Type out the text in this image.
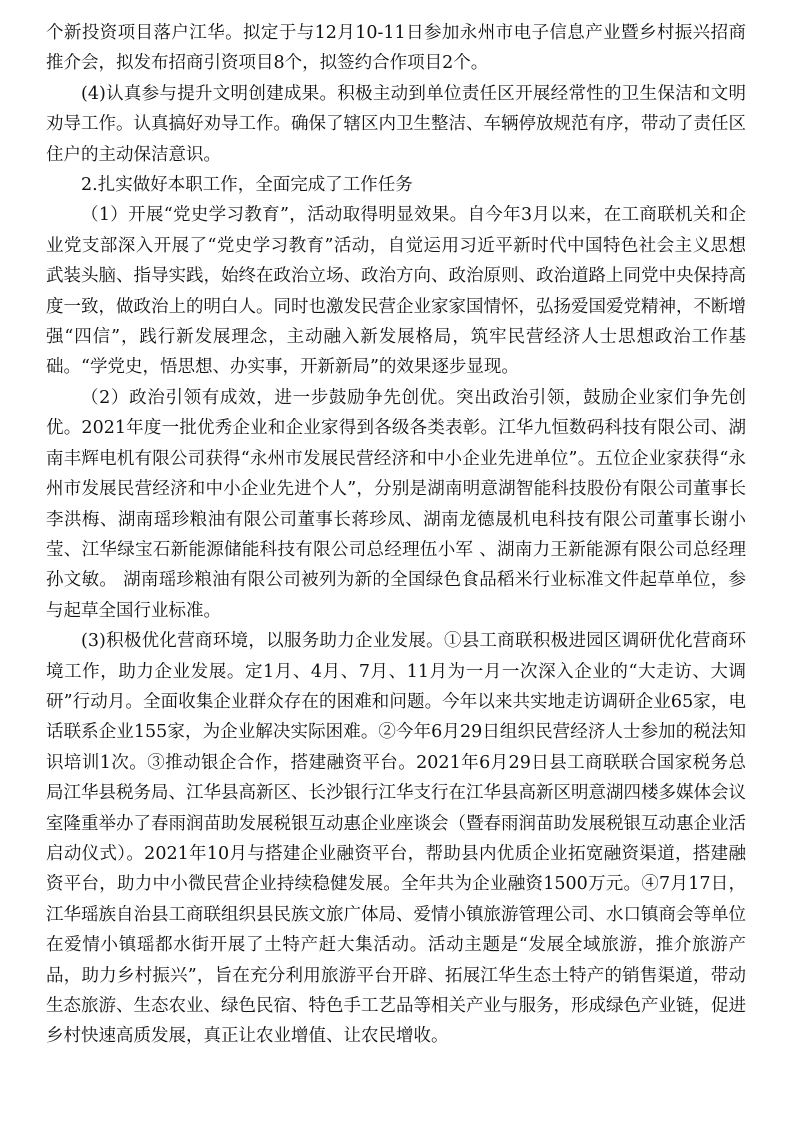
个新投资项目落户江华。拟定于与12月10-11日参加永州市电子信息产业暨乡村振兴招商推介会，拟发布招商引资项目8个，拟签约合作项目2个。

(4)认真参与提升文明创建成果。积极主动到单位责任区开展经常性的卫生保洁和文明劝导工作。认真搞好劝导工作。确保了辖区内卫生整洁、车辆停放规范有序，带动了责任区住户的主动保洁意识。

2.扎实做好本职工作，全面完成了工作任务

（1）开展“党史学习教育”，活动取得明显效果。自今年3月以来，在工商联机关和企业党支部深入开展了“党史学习教育”活动，自觉运用习近平新时代中国特色社会主义思想武装头脑、指导实践，始终在政治立场、政治方向、政治原则、政治道路上同党中央保持高度一致，做政治上的明白人。同时也激发民营企业家家国情怀，弘扬爱国爱党精神，不断增强“四信”，践行新发展理念，主动融入新发展格局，筑牢民营经济人士思想政治工作基础。“学党史，悟思想、办实事，开新新局”的效果逐步显现。

（2）政治引领有成效，进一步鼓励争先创优。突出政治引领，鼓励企业家们争先创优。2021年度一批优秀企业和企业家得到各级各类表彰。江华九恒数码科技有限公司、湖南丰辉电机有限公司获得“永州市发展民营经济和中小企业先进单位”。五位企业家获得“永州市发展民营经济和中小企业先进个人”，分别是湖南明意湖智能科技股份有限公司董事长李洪梅、湖南瑶珍粮油有限公司董事长蒋珍凤、湖南龙德晟机电科技有限公司董事长谢小莹、江华绿宝石新能源储能科技有限公司总经理伍小军 、湖南力王新能源有限公司总经理孙文敏。 湖南瑶珍粮油有限公司被列为新的全国绿色食品稻米行业标准文件起草单位，参与起草全国行业标准。

(3)积极优化营商环境，以服务助力企业发展。①县工商联积极进园区调研优化营商环境工作，助力企业发展。定1月、4月、7月、11月为一月一次深入企业的“大走访、大调研”行动月。全面收集企业群众存在的困难和问题。今年以来共实地走访调研企业65家，电话联系企业155家，为企业解决实际困难。②今年6月29日组织民营经济人士参加的税法知识培训1次。③推动银企合作，搭建融资平台。2021年6月29日县工商联联合国家税务总局江华县税务局、江华县高新区、长沙银行江华支行在江华县高新区明意湖四楼多媒体会议室隆重举办了春雨润苗助发展税银互动惠企业座谈会（暨春雨润苗助发展税银互动惠企业活启动仪式）。2021年10月与搭建企业融资平台，帮助县内优质企业拓宽融资渠道，搭建融资平台，助力中小微民营企业持续稳健发展。全年共为企业融资1500万元。④7月17日，江华瑶族自治县工商联组织县民族文旅广体局、爱情小镇旅游管理公司、水口镇商会等单位在爱情小镇瑶都水街开展了土特产赶大集活动。活动主题是“发展全域旅游，推介旅游产品，助力乡村振兴”，旨在充分利用旅游平台开辟、拓展江华生态土特产的销售渠道，带动生态旅游、生态农业、绿色民宿、特色手工艺品等相关产业与服务，形成绿色产业链，促进乡村快速高质发展，真正让农业增值、让农民增收。
